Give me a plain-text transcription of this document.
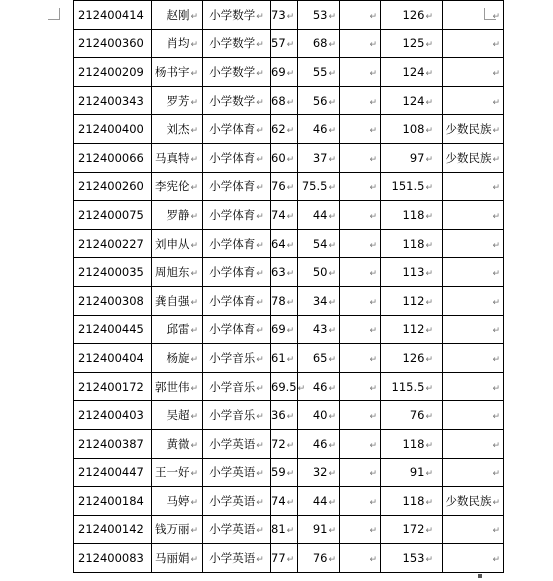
212400414	赵刚↵	小学数学↵	73↵	53↵	↵	126↵	↵
212400360	肖均↵	小学数学↵	57↵	68↵	↵	125↵	↵
212400209	杨书宇↵	小学数学↵	69↵	55↵	↵	124↵	↵
212400343	罗芳↵	小学数学↵	68↵	56↵	↵	124↵	↵
212400400	刘杰↵	小学体育↵	62↵	46↵	↵	108↵	少数民族↵
212400066	马真特↵	小学体育↵	60↵	37↵	↵	97↵	少数民族↵
212400260	李宪伦↵	小学体育↵	76↵	75.5↵	↵	151.5↵	↵
212400075	罗静↵	小学体育↵	74↵	44↵	↵	118↵	↵
212400227	刘申从↵	小学体育↵	64↵	54↵	↵	118↵	↵
212400035	周旭东↵	小学体育↵	63↵	50↵	↵	113↵	↵
212400308	龚自强↵	小学体育↵	78↵	34↵	↵	112↵	↵
212400445	邱雷↵	小学体育↵	69↵	43↵	↵	112↵	↵
212400404	杨旋↵	小学音乐↵	61↵	65↵	↵	126↵	↵
212400172	郭世伟↵	小学音乐↵	69.5↵	46↵	↵	115.5↵	↵
212400403	吴超↵	小学音乐↵	36↵	40↵	↵	76↵	↵
212400387	黄微↵	小学英语↵	72↵	46↵	↵	118↵	↵
212400447	王一好↵	小学英语↵	59↵	32↵	↵	91↵	↵
212400184	马婷↵	小学英语↵	74↵	44↵	↵	118↵	少数民族↵
212400142	钱万丽↵	小学英语↵	81↵	91↵	↵	172↵	↵
212400083	马丽娟↵	小学英语↵	77↵	76↵	↵	153↵	↵
